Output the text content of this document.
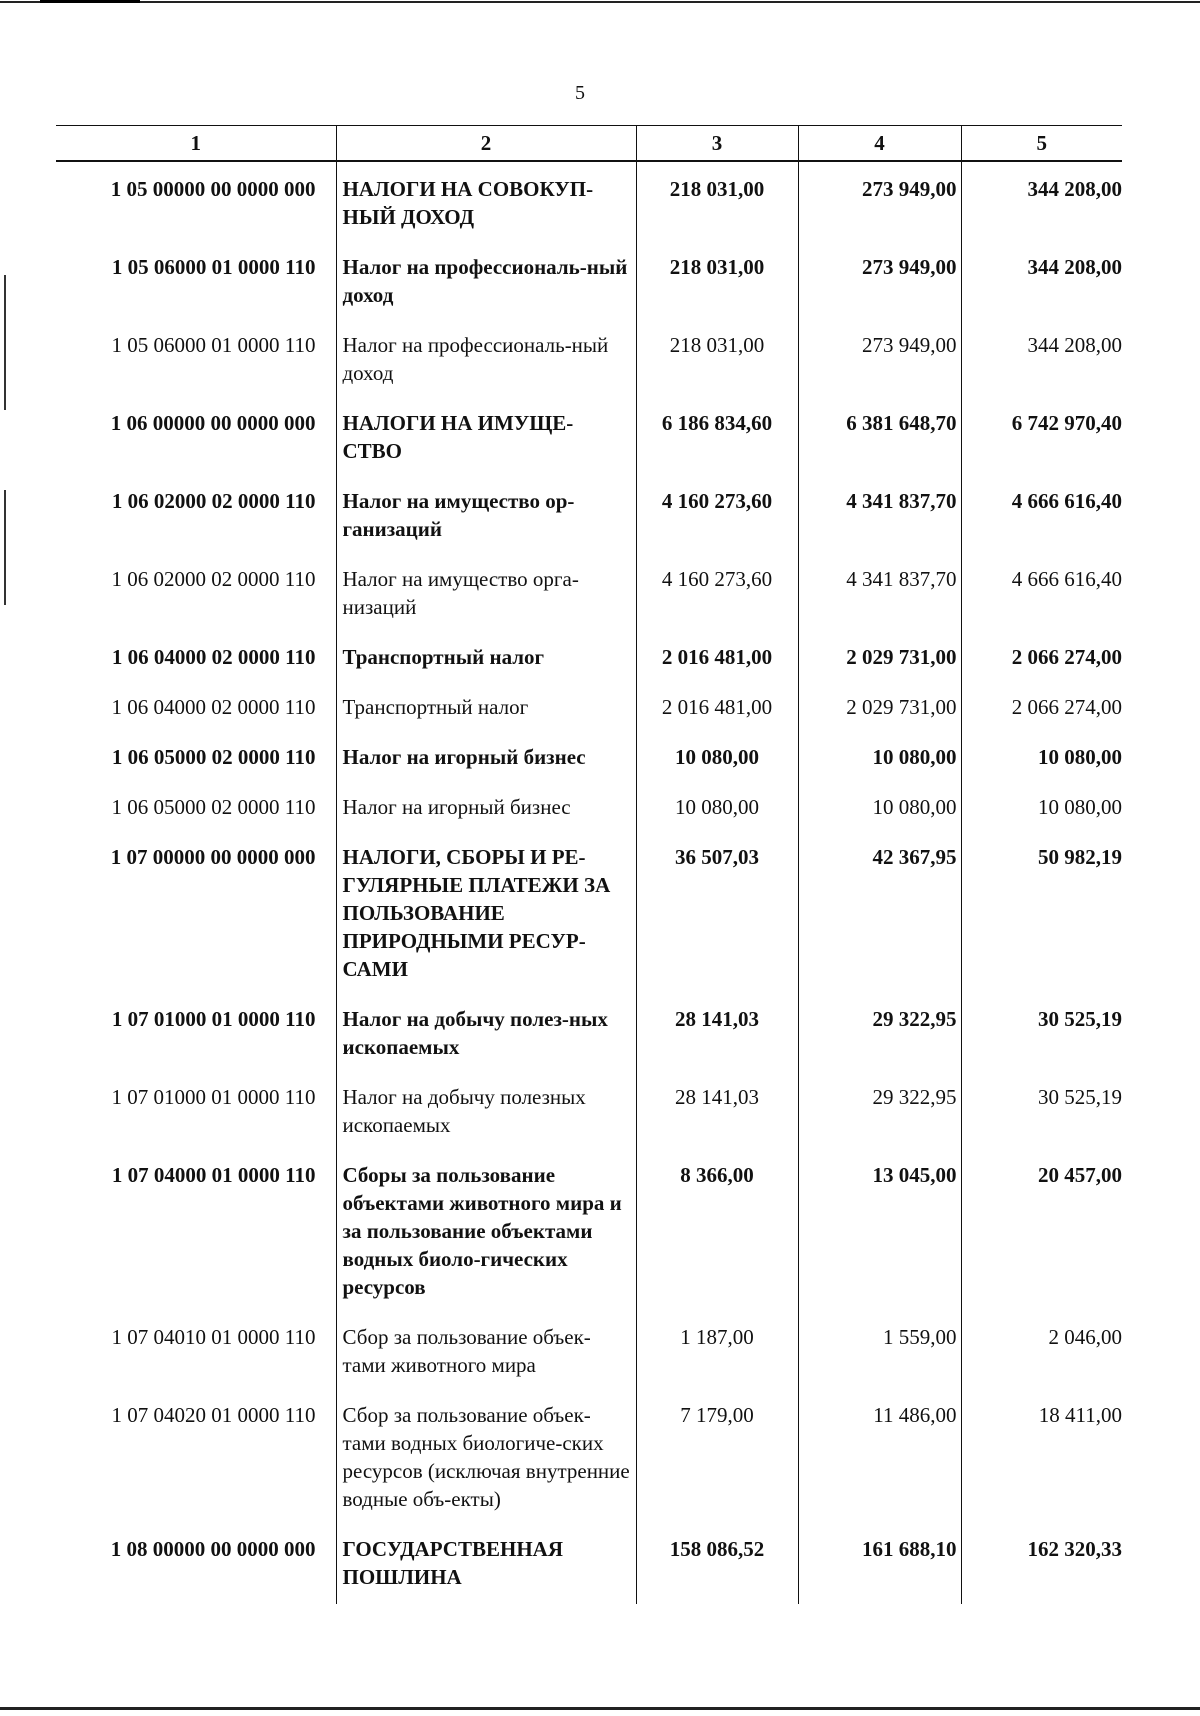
5
1	2	3	4	5
1 05 00000 00 0000 000	НАЛОГИ НА СОВОКУП-НЫЙ ДОХОД	218 031,00	273 949,00	344 208,00
1 05 06000 01 0000 110	Налог на профессиональ-ный доход	218 031,00	273 949,00	344 208,00
1 05 06000 01 0000 110	Налог на профессиональ-ный доход	218 031,00	273 949,00	344 208,00
1 06 00000 00 0000 000	НАЛОГИ НА ИМУЩЕ-СТВО	6 186 834,60	6 381 648,70	6 742 970,40
1 06 02000 02 0000 110	Налог на имущество ор-ганизаций	4 160 273,60	4 341 837,70	4 666 616,40
1 06 02000 02 0000 110	Налог на имущество орга-низаций	4 160 273,60	4 341 837,70	4 666 616,40
1 06 04000 02 0000 110	Транспортный налог	2 016 481,00	2 029 731,00	2 066 274,00
1 06 04000 02 0000 110	Транспортный налог	2 016 481,00	2 029 731,00	2 066 274,00
1 06 05000 02 0000 110	Налог на игорный бизнес	10 080,00	10 080,00	10 080,00
1 06 05000 02 0000 110	Налог на игорный бизнес	10 080,00	10 080,00	10 080,00
1 07 00000 00 0000 000	НАЛОГИ, СБОРЫ И РЕ-ГУЛЯРНЫЕ ПЛАТЕЖИ ЗА ПОЛЬЗОВАНИЕ ПРИРОДНЫМИ РЕСУР-САМИ	36 507,03	42 367,95	50 982,19
1 07 01000 01 0000 110	Налог на добычу полез-ных ископаемых	28 141,03	29 322,95	30 525,19
1 07 01000 01 0000 110	Налог на добычу полезных ископаемых	28 141,03	29 322,95	30 525,19
1 07 04000 01 0000 110	Сборы за пользование объектами животного мира и за пользование объектами водных биоло-гических ресурсов	8 366,00	13 045,00	20 457,00
1 07 04010 01 0000 110	Сбор за пользование объек-тами животного мира	1 187,00	1 559,00	2 046,00
1 07 04020 01 0000 110	Сбор за пользование объек-тами водных биологиче-ских ресурсов (исключая внутренние водные объ-екты)	7 179,00	11 486,00	18 411,00
1 08 00000 00 0000 000	ГОСУДАРСТВЕННАЯ ПОШЛИНА	158 086,52	161 688,10	162 320,33
